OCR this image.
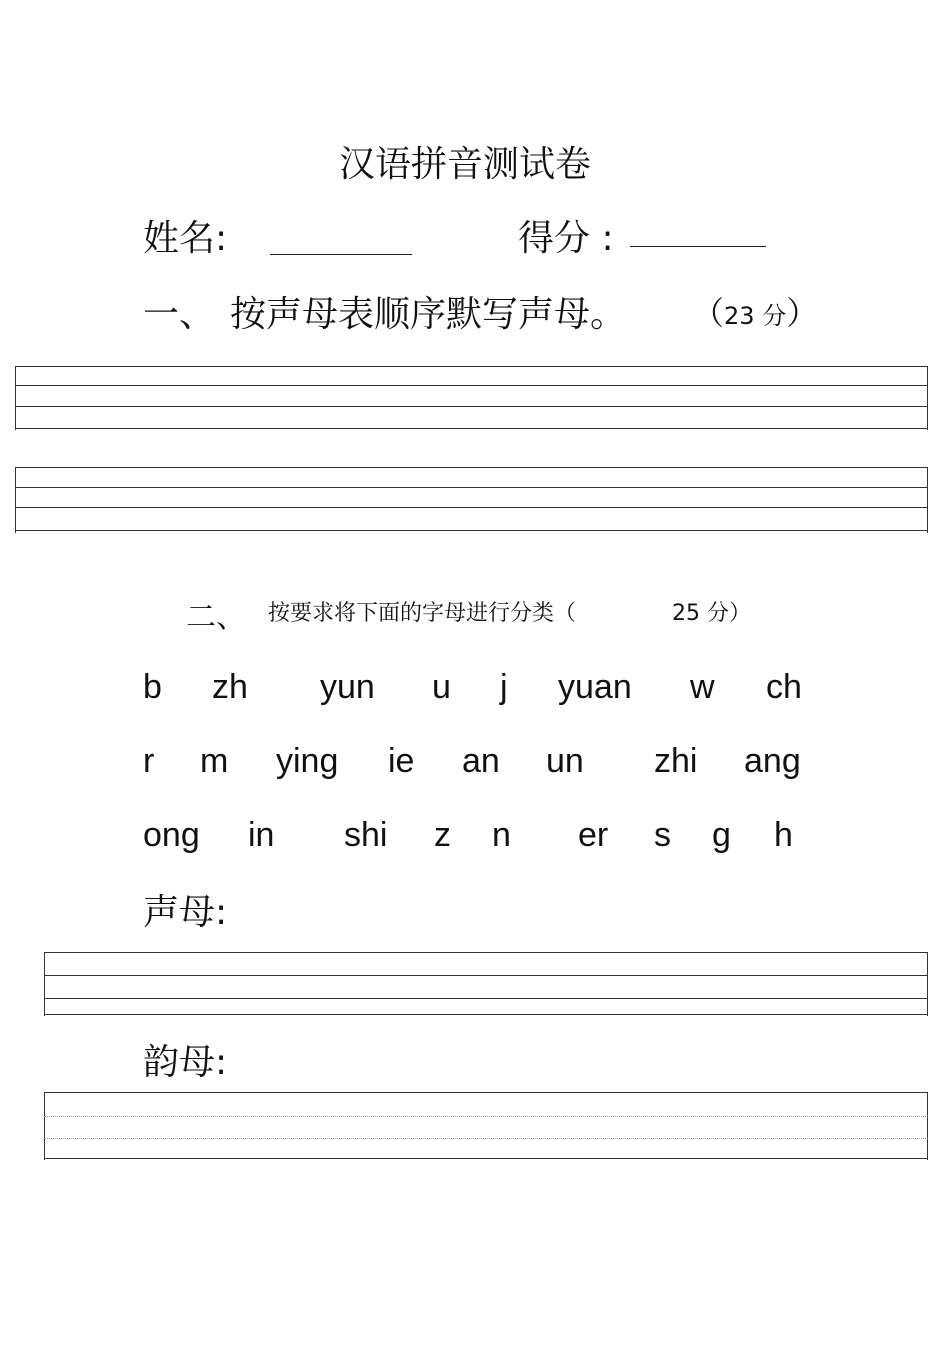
汉语拼音测试卷
姓名:	得分 :
一、 按声母表顺序默写声母。 （23 分）
二、 按要求将下面的字母进行分类（	25 分）
b zh yun u j yuan w ch
r m ying ie an un zhi ang
ong in shi z n er s g h
声母:
韵母:
